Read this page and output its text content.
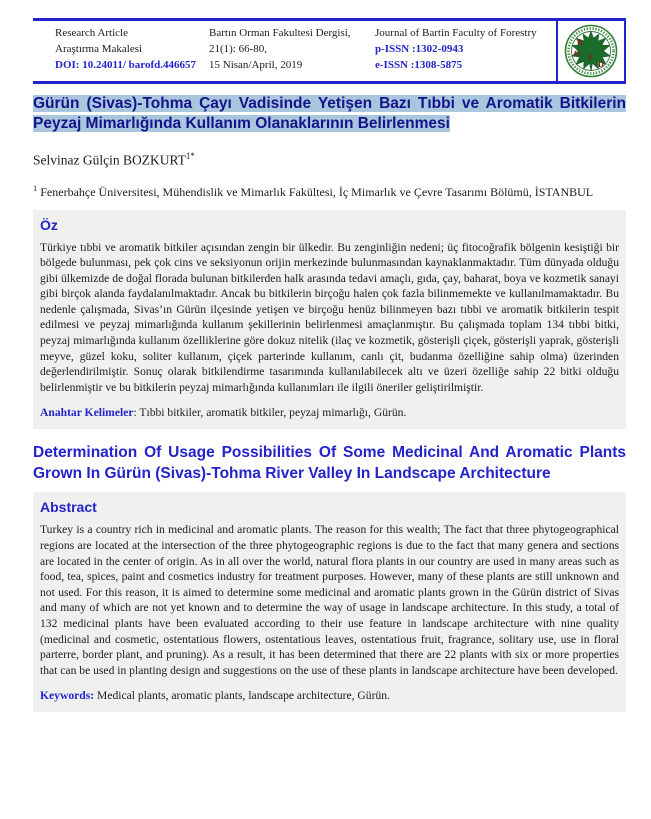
Research Article
Araştırma Makalesi
DOI: 10.24011/ barofd.446657
Bartın Orman Fakultesi Dergisi,
21(1): 66-80,
15 Nisan/April, 2019
Journal of Bartin Faculty of Forestry
p-ISSN :1302-0943
e-ISSN :1308-5875
B
O F
D

Gürün (Sivas)-Tohma Çayı Vadisinde Yetişen Bazı Tıbbi ve Aromatik Bitkilerin Peyzaj Mimarlığında Kullanım Olanaklarının Belirlenmesi

Selvinaz Gülçin $BOZKURT^{1*}$
$^1$ Fenerbahçe Üniversitesi, Mühendislik ve Mimarlık Fakültesi, İç Mimarlık ve Çevre Tasarımı Bölümü, İSTANBUL
Öz

Türkiye tıbbi ve aromatik bitkiler açısından zengin bir ülkedir. Bu zenginliğin nedeni; üç fitocoğrafik bölgenin kesiştiği bir bölgede bulunması, pek çok cins ve seksiyonun orijin merkezinde bulunmasından kaynaklanmaktadır. Tüm dünyada olduğu gibi ülkemizde de doğal florada bulunan bitkilerden halk arasında tedavi amaçlı, gıda, çay, baharat, boya ve kozmetik sanayi gibi birçok alanda faydalanılmaktadır. Ancak bu bitkilerin birçoğu halen çok fazla bilinmemekte ve kullanılmamaktadır. Bu nedenle çalışmada, Sivas’ın Gürün ilçesinde yetişen ve birçoğu henüz bilinmeyen bazı tıbbi ve aromatik bitkilerin tespit edilmesi ve peyzaj mimarlığında kullanım şekillerinin belirlenmesi amaçlanmıştır. Bu çalışmada toplam 134 tıbbi bitki, peyzaj mimarlığında kullanım özelliklerine göre dokuz nitelik (ilaç ve kozmetik, gösterişli çiçek, gösterişli yaprak, gösterişli meyve, güzel koku, soliter kullanım, çiçek parterinde kullanım, canlı çit, budanma özelliğine sahip olma) üzerinden değerlendirilmiştir. Sonuç olarak bitkilendirme tasarımında kullanılabilecek altı ve üzeri özelliğe sahip 22 bitki olduğu belirlenmiştir ve bu bitkilerin peyzaj mimarlığında kullanımları ile ilgili öneriler geliştirilmiştir.

Anahtar Kelimeler: Tıbbi bitkiler, aromatik bitkiler, peyzaj mimarlığı, Gürün.

Determination Of Usage Possibilities Of Some Medicinal And Aromatic Plants Grown In Gürün (Sivas)-Tohma River Valley In Landscape Architecture

Abstract

Turkey is a country rich in medicinal and aromatic plants. The reason for this wealth; The fact that three phytogeographical regions are located at the intersection of the three phytogeographic regions is due to the fact that many genera and sections are located in the center of origin. As in all over the world, natural flora plants in our country are used in many areas such as food, tea, spices, paint and cosmetics industry for treatment purposes. However, many of these plants are still unknown and not used. For this reason, it is aimed to determine some medicinal and aromatic plants grown in the Gürün district of Sivas and many of which are not yet known and to determine the way of usage in landscape architecture. In this study, a total of 132 medicinal plants have been evaluated according to their use feature in landscape architecture with nine quality (medicinal and cosmetic, ostentatious flowers, ostentatious leaves, ostentatious fruit, fragrance, solitary use, use in floral parterre, border plant, and pruning). As a result, it has been determined that there are 22 plants with six or more properties that can be used in planting design and suggestions on the use of these plants in landscape architecture have been developed.

Keywords: Medical plants, aromatic plants, landscape architecture, Gürün.
